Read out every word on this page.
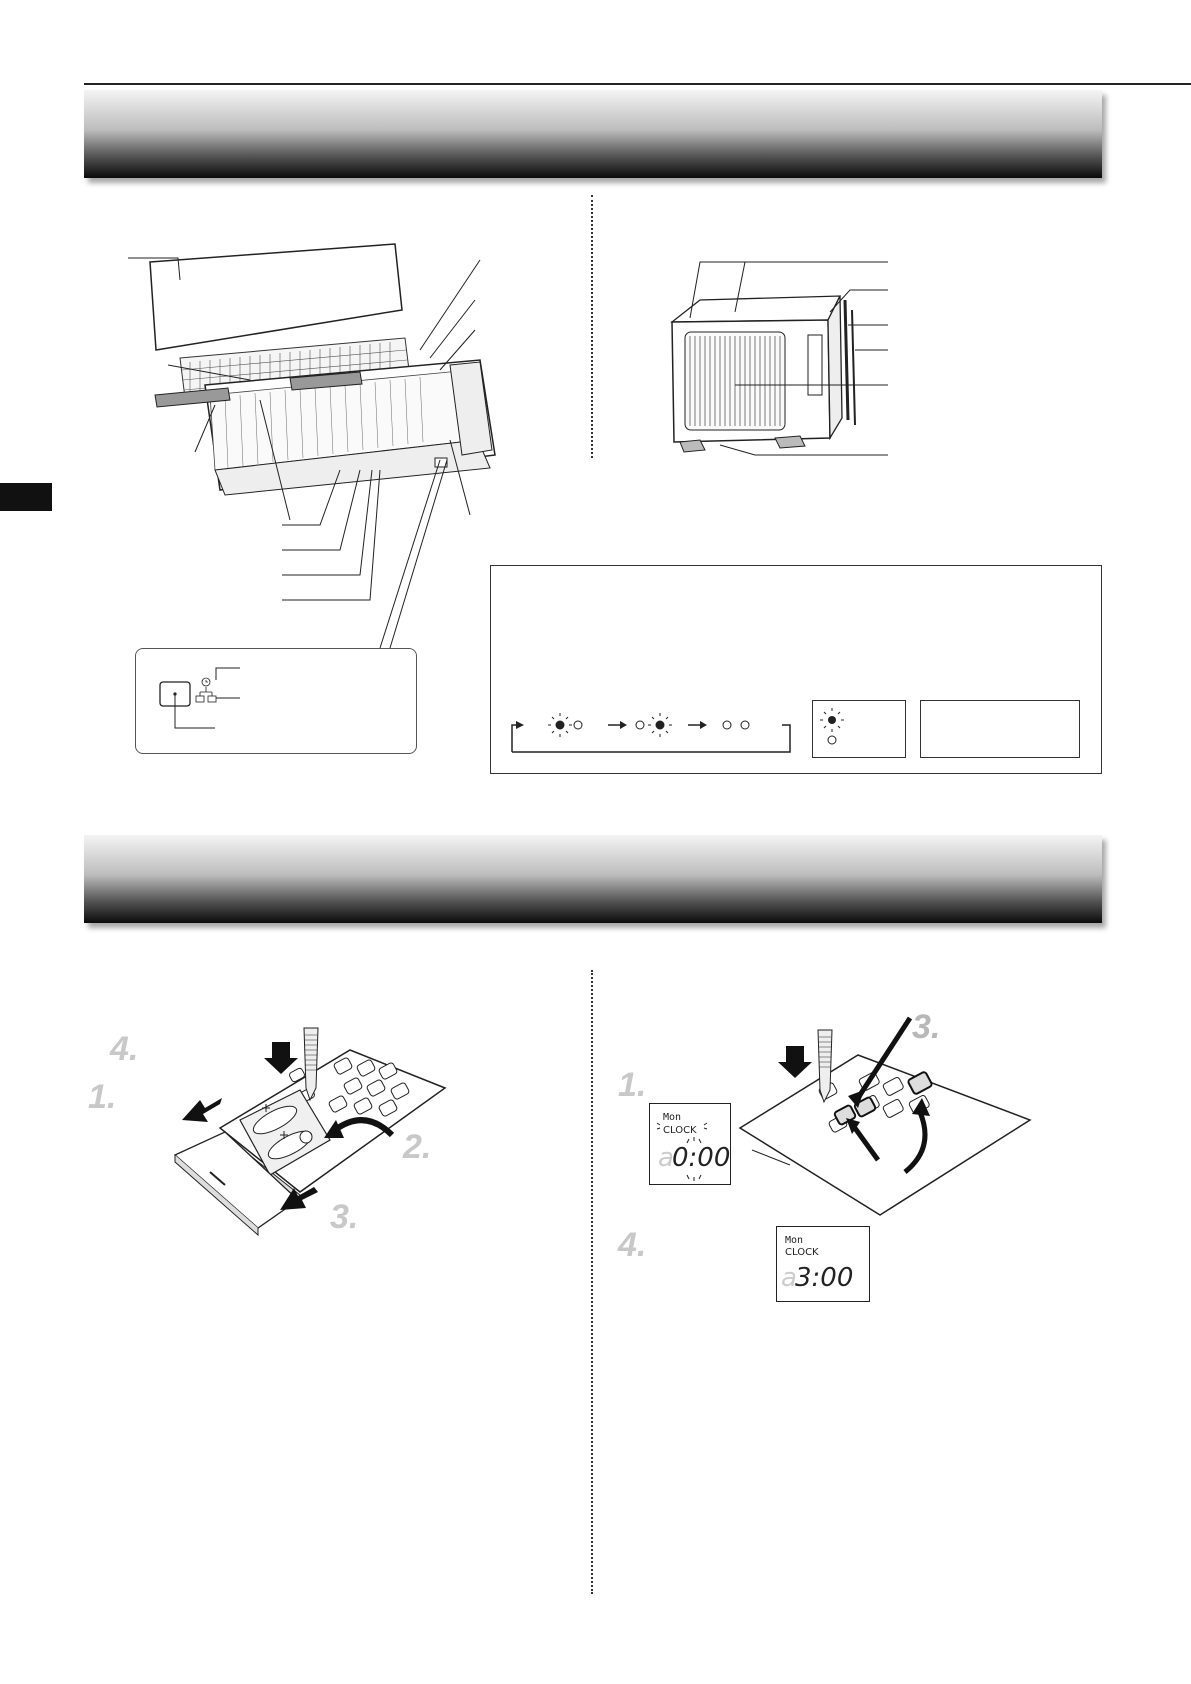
4.
1.
2.
3.
3.
1.
4.
Mon
CLOCK
a
0:00
Mon
CLOCK
a
3:00
